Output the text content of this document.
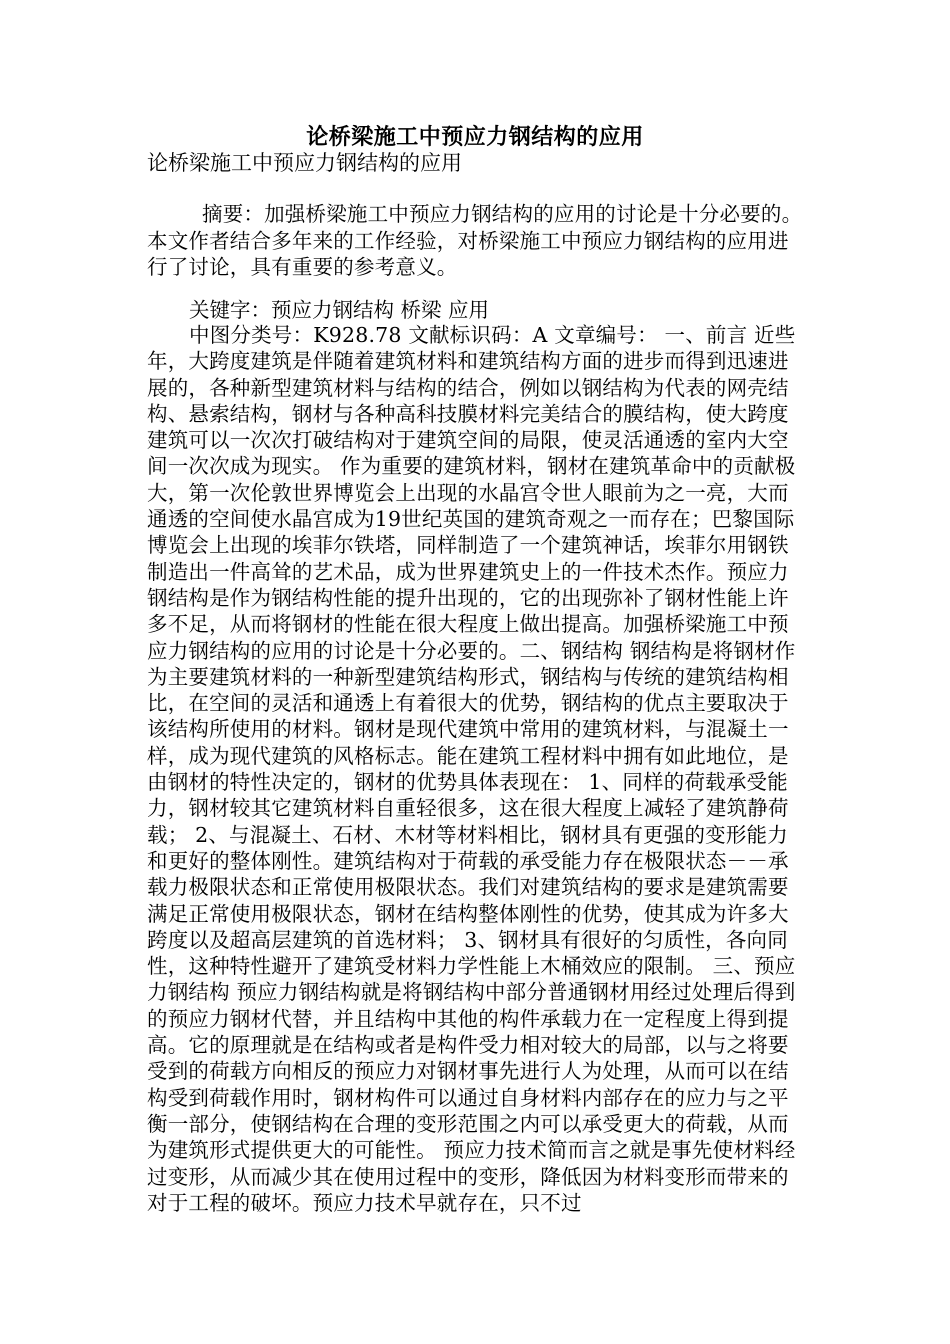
论桥梁施工中预应力钢结构的应用
论桥梁施工中预应力钢结构的应用
摘要：加强桥梁施工中预应力钢结构的应用的讨论是十分必要的。本文作者结合多年来的工作经验，对桥梁施工中预应力钢结构的应用进行了讨论，具有重要的参考意义。
关键字：预应力钢结构 桥梁 应用
中图分类号：K928.78 文献标识码：A 文章编号： 一、前言 近些年，大跨度建筑是伴随着建筑材料和建筑结构方面的进步而得到迅速进展的，各种新型建筑材料与结构的结合，例如以钢结构为代表的网壳结构、悬索结构，钢材与各种高科技膜材料完美结合的膜结构，使大跨度建筑可以一次次打破结构对于建筑空间的局限，使灵活通透的室内大空间一次次成为现实。 作为重要的建筑材料，钢材在建筑革命中的贡献极大，第一次伦敦世界博览会上出现的水晶宫令世人眼前为之一亮，大而通透的空间使水晶宫成为19世纪英国的建筑奇观之一而存在；巴黎国际博览会上出现的埃菲尔铁塔，同样制造了一个建筑神话，埃菲尔用钢铁制造出一件高耸的艺术品，成为世界建筑史上的一件技术杰作。预应力钢结构是作为钢结构性能的提升出现的，它的出现弥补了钢材性能上许多不足，从而将钢材的性能在很大程度上做出提高。加强桥梁施工中预应力钢结构的应用的讨论是十分必要的。二、钢结构 钢结构是将钢材作为主要建筑材料的一种新型建筑结构形式，钢结构与传统的建筑结构相比，在空间的灵活和通透上有着很大的优势，钢结构的优点主要取决于该结构所使用的材料。钢材是现代建筑中常用的建筑材料，与混凝土一样，成为现代建筑的风格标志。能在建筑工程材料中拥有如此地位，是由钢材的特性决定的，钢材的优势具体表现在： 1、同样的荷载承受能力，钢材较其它建筑材料自重轻很多，这在很大程度上减轻了建筑静荷载； 2、与混凝土、石材、木材等材料相比，钢材具有更强的变形能力和更好的整体刚性。建筑结构对于荷载的承受能力存在极限状态－－承载力极限状态和正常使用极限状态。我们对建筑结构的要求是建筑需要满足正常使用极限状态，钢材在结构整体刚性的优势，使其成为许多大跨度以及超高层建筑的首选材料； 3、钢材具有很好的匀质性，各向同性，这种特性避开了建筑受材料力学性能上木桶效应的限制。 三、预应力钢结构 预应力钢结构就是将钢结构中部分普通钢材用经过处理后得到的预应力钢材代替，并且结构中其他的构件承载力在一定程度上得到提高。它的原理就是在结构或者是构件受力相对较大的局部，以与之将要受到的荷载方向相反的预应力对钢材事先进行人为处理，从而可以在结构受到荷载作用时，钢材构件可以通过自身材料内部存在的应力与之平衡一部分，使钢结构在合理的变形范围之内可以承受更大的荷载，从而为建筑形式提供更大的可能性。 预应力技术简而言之就是事先使材料经过变形，从而减少其在使用过程中的变形，降低因为材料变形而带来的对于工程的破坏。预应力技术早就存在，只不过
